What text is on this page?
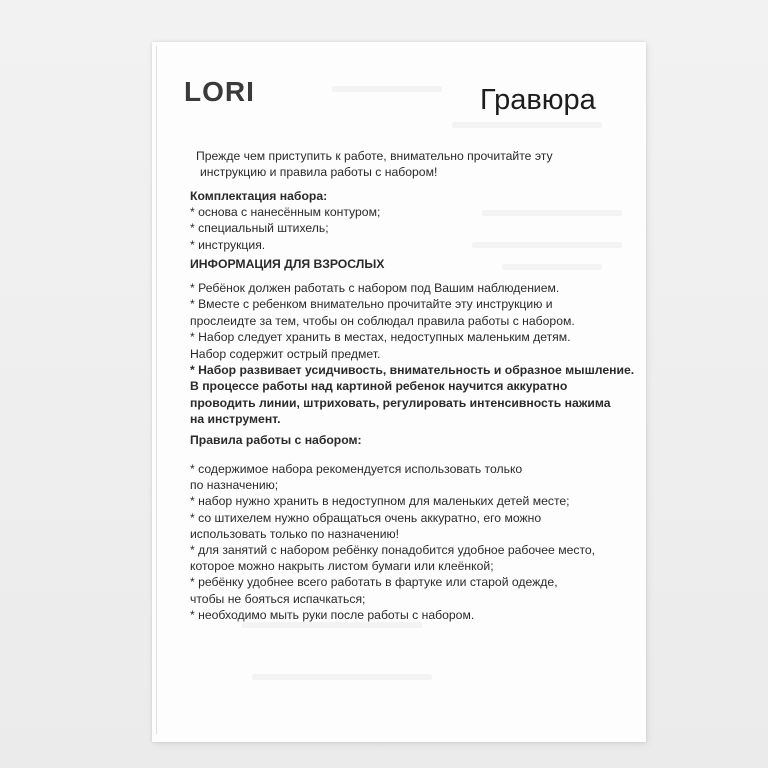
LORI	Гравюра

Прежде чем приступить к работе, внимательно прочитайте эту

инструкцию и правила работы с набором!

Комплектация набора:

* основа с нанесённым контуром;

* специальный штихель;

* инструкция.

ИНФОРМАЦИЯ ДЛЯ ВЗРОСЛЫХ

* Ребёнок должен работать с набором под Вашим наблюдением.

* Вместе с ребенком внимательно прочитайте эту инструкцию и

прослеидте за тем, чтобы он соблюдал правила работы с набором.

* Набор следует хранить в местах, недоступных маленьким детям.

Набор содержит острый предмет.

* Набор развивает усидчивость, внимательность и образное мышление.

В процессе работы над картиной ребенок научится аккуратно

проводить линии, штриховать, регулировать интенсивность нажима

на инструмент.

Правила работы с набором:

* содержимое набора рекомендуется использовать только

по назначению;

* набор нужно хранить в недоступном для маленьких детей месте;

* со штихелем нужно обращаться очень аккуратно, его можно

использовать только по назначению!

* для занятий с набором ребёнку понадобится удобное рабочее место,

которое можно накрыть листом бумаги или клеёнкой;

* ребёнку удобнее всего работать в фартуке или старой одежде,

чтобы не бояться испачкаться;

* необходимо мыть руки после работы с набором.
